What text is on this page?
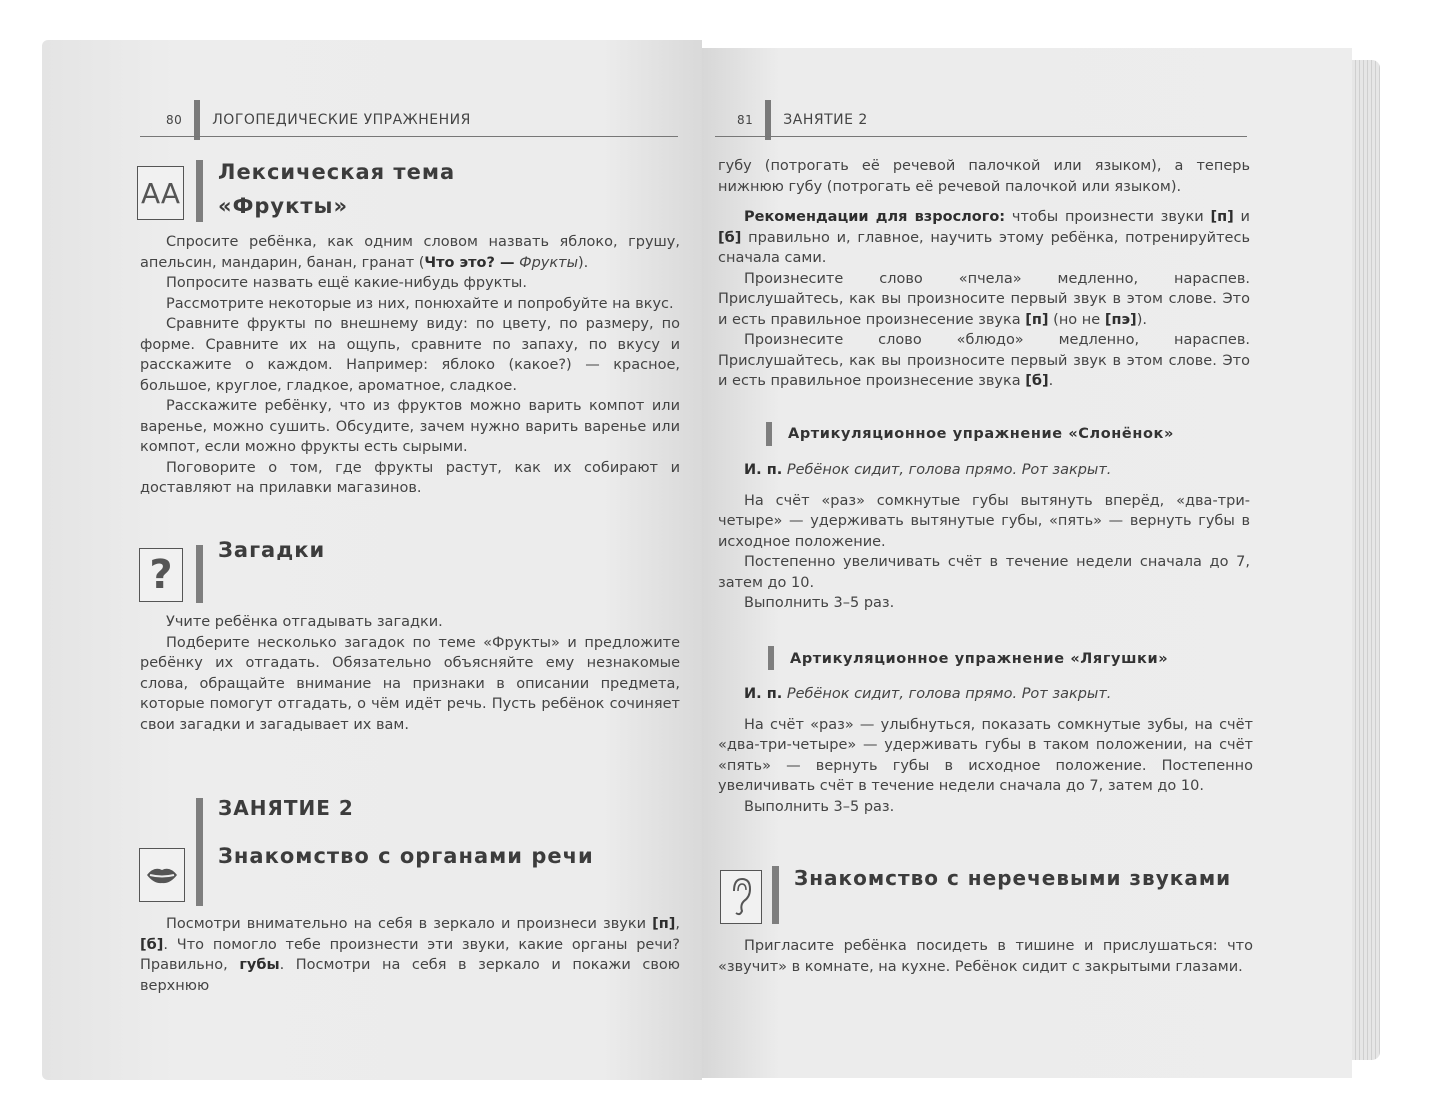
80 ЛОГОПЕДИЧЕСКИЕ УПРАЖНЕНИЯ
AA
Лексическая тема
«Фрукты»

Спросите ребёнка, как одним словом назвать яблоко, грушу, апельсин, мандарин, банан, гранат (Что это? — Фрукты).

Попросите назвать ещё какие-нибудь фрукты.

Рассмотрите некоторые из них, понюхайте и попробуйте на вкус.

Сравните фрукты по внешнему виду: по цвету, по размеру, по форме. Сравните их на ощупь, сравните по запаху, по вкусу и расскажите о каждом. Например: яблоко (какое?) — красное, большое, круглое, гладкое, ароматное, сладкое.

Расскажите ребёнку, что из фруктов можно варить компот или варенье, можно сушить. Обсудите, зачем нужно варить варенье или компот, если можно фрукты есть сырыми.

Поговорите о том, где фрукты растут, как их собирают и доставляют на прилавки магазинов.

?
Загадки

Учите ребёнка отгадывать загадки.

Подберите несколько загадок по теме «Фрукты» и предложите ребёнку их отгадать. Обязательно объясняйте ему незнакомые слова, обращайте внимание на признаки в описании предмета, которые помогут отгадать, о чём идёт речь. Пусть ребёнок сочиняет свои загадки и загадывает их вам.

ЗАНЯТИЕ 2
Знакомство с органами речи

Посмотри внимательно на себя в зеркало и произнеси звуки [п], [б]. Что помогло тебе произнести эти звуки, какие органы речи? Правильно, губы. Посмотри на себя в зеркало и покажи свою верхнюю

81 ЗАНЯТИЕ 2

губу (потрогать её речевой палочкой или языком), а теперь нижнюю губу (потрогать её речевой палочкой или языком).

Рекомендации для взрослого: чтобы произнести звуки [п] и [б] правильно и, главное, научить этому ребёнка, потренируйтесь сначала сами.

Произнесите слово «пчела» медленно, нараспев. Прислушайтесь, как вы произносите первый звук в этом слове. Это и есть правильное произнесение звука [п] (но не [пэ]).

Произнесите слово «блюдо» медленно, нараспев. Прислушайтесь, как вы произносите первый звук в этом слове. Это и есть правильное произнесение звука [б].

Артикуляционное упражнение «Слонёнок»

И. п. Ребёнок сидит, голова прямо. Рот закрыт.

На счёт «раз» сомкнутые губы вытянуть вперёд, «два-три-четыре» — удерживать вытянутые губы, «пять» — вернуть губы в исходное положение.

Постепенно увеличивать счёт в течение недели сначала до 7, затем до 10.

Выполнить 3–5 раз.

Артикуляционное упражнение «Лягушки»

И. п. Ребёнок сидит, голова прямо. Рот закрыт.

На счёт «раз» — улыбнуться, показать сомкнутые зубы, на счёт «два-три-четыре» — удерживать губы в таком положении, на счёт «пять» — вернуть губы в исходное положение. Постепенно увеличивать счёт в течение недели сначала до 7, затем до 10.

Выполнить 3–5 раз.

Знакомство с неречевыми звуками

Пригласите ребёнка посидеть в тишине и прислушаться: что «звучит» в комнате, на кухне. Ребёнок сидит с закрытыми глазами.
